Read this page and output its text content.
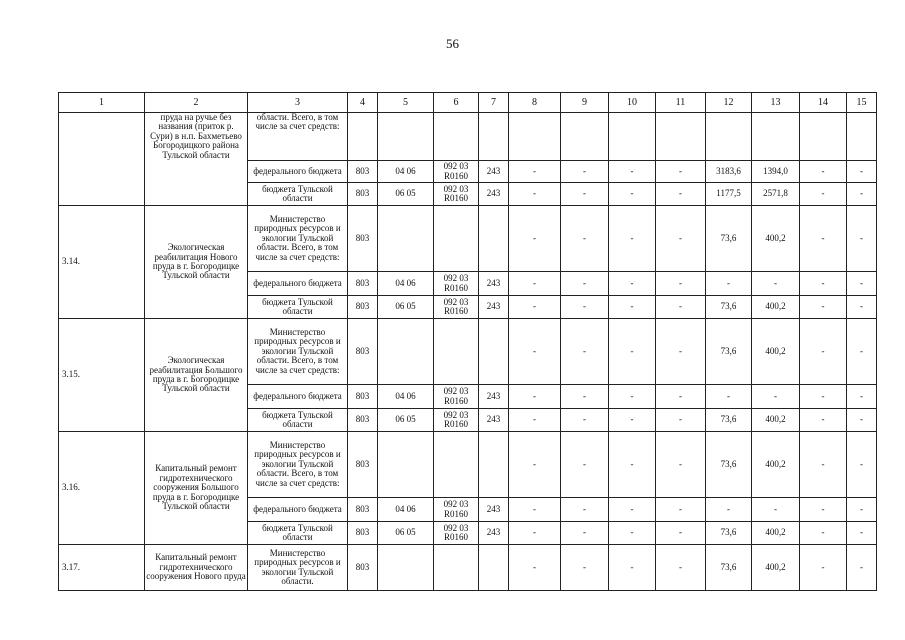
56
1	2	3	4	5	6	7	8	9	10	11	12	13	14	15
	пруда на ручье без названия (приток р. Сури) в н.п. Бахметьево Богородицкого района Тульской области	области. Всего, в том числе за счет средств:												
		федерального бюджета	803	04 06	092 03 R0160	243	-	-	-	-	3183,6	1394,0	-	-
		бюджета Тульской области	803	06 05	092 03 R0160	243	-	-	-	-	1177,5	2571,8	-	-
3.14.	Экологическая реабилитация Нового пруда в г. Богородицке Тульской области	Министерство природных ресурсов и экологии Тульской области. Всего, в том числе за счет средств:	803				-	-	-	-	73,6	400,2	-	-
		федерального бюджета	803	04 06	092 03 R0160	243	-	-	-	-	-	-	-	-
		бюджета Тульской области	803	06 05	092 03 R0160	243	-	-	-	-	73,6	400,2	-	-
3.15.	Экологическая реабилитация Большого пруда в г. Богородицке Тульской области	Министерство природных ресурсов и экологии Тульской области. Всего, в том числе за счет средств:	803				-	-	-	-	73,6	400,2	-	-
		федерального бюджета	803	04 06	092 03 R0160	243	-	-	-	-	-	-	-	-
		бюджета Тульской области	803	06 05	092 03 R0160	243	-	-	-	-	73,6	400,2	-	-
3.16.	Капитальный ремонт гидротехнического сооружения Большого пруда в г. Богородицке Тульской области	Министерство природных ресурсов и экологии Тульской области. Всего, в том числе за счет средств:	803				-	-	-	-	73,6	400,2	-	-
		федерального бюджета	803	04 06	092 03 R0160	243	-	-	-	-	-	-	-	-
		бюджета Тульской области	803	06 05	092 03 R0160	243	-	-	-	-	73,6	400,2	-	-
3.17.	Капитальный ремонт гидротехнического сооружения Нового пруда	Министерство природных ресурсов и экологии Тульской области.	803				-	-	-	-	73,6	400,2	-	-
